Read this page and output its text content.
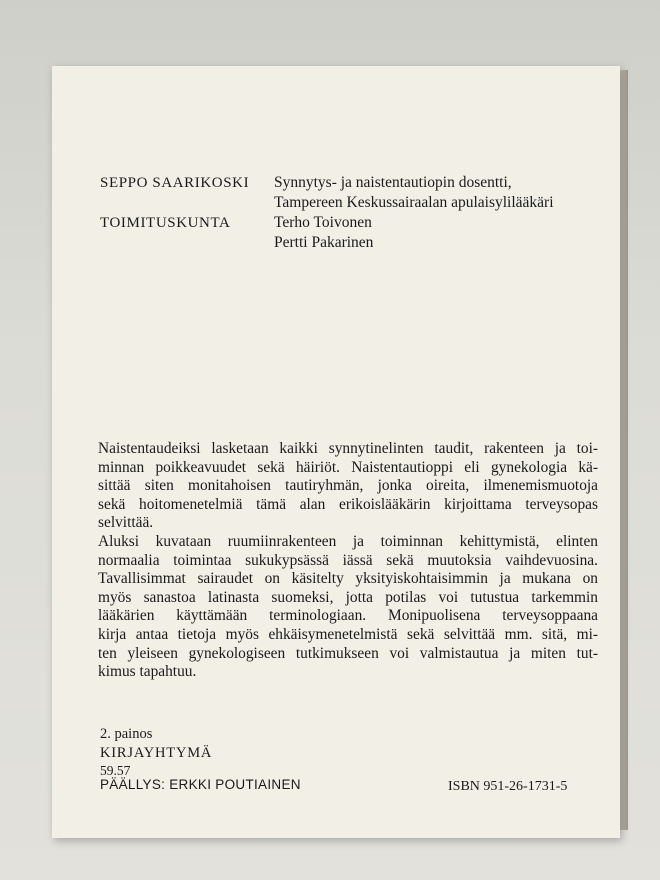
SEPPO SAARIKOSKI Synnytys- ja naistentautiopin dosentti,
Tampereen Keskussairaalan apulaisylilääkäri
TOIMITUSKUNTA	Terho Toivonen
Pertti Pakarinen

Naistentaudeiksi lasketaan kaikki synnytinelinten taudit, rakenteen ja toi-
minnan poikkeavuudet sekä häiriöt. Naistentautioppi eli gynekologia kä-
sittää siten monitahoisen tautiryhmän, jonka oireita, ilmenemismuotoja
sekä hoitomenetelmiä tämä alan erikoislääkärin kirjoittama terveysopas
selvittää.

Aluksi kuvataan ruumiinrakenteen ja toiminnan kehittymistä, elinten
normaalia toimintaa sukukypsässä iässä sekä muutoksia vaihdevuosina.
Tavallisimmat sairaudet on käsitelty yksityiskohtaisimmin ja mukana on
myös sanastoa latinasta suomeksi, jotta potilas voi tutustua tarkemmin
lääkärien käyttämään terminologiaan. Monipuolisena terveysoppaana
kirja antaa tietoja myös ehkäisymenetelmistä sekä selvittää mm. sitä, mi-
ten yleiseen gynekologiseen tutkimukseen voi valmistautua ja miten tut-
kimus tapahtuu.

2. painos
KIRJAYHTYMÄ
59.57
PÄÄLLYS: ERKKI POUTIAINEN	ISBN 951-26-1731-5
